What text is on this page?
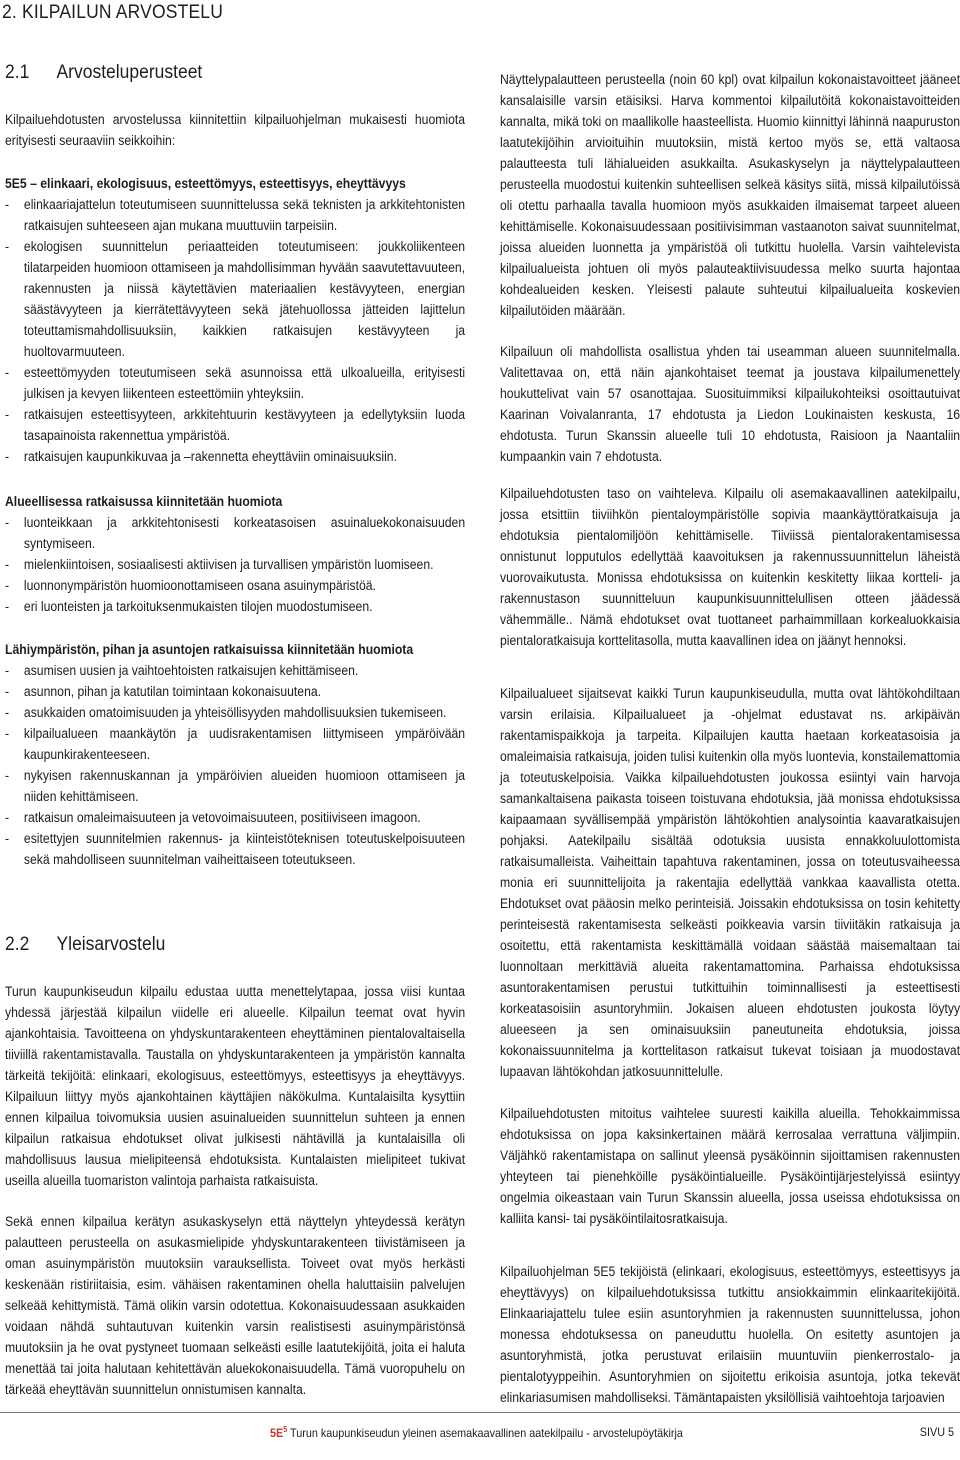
2. KILPAILUN ARVOSTELU
2.1 Arvosteluperusteet

Kilpailuehdotusten arvostelussa kiinnitettiin kilpailuohjelman mukaisesti huomiota erityisesti seuraaviin seikkoihin:

5E5 – elinkaari, ekologisuus, esteettömyys, esteettisyys, eheyttävyys

- elinkaariajattelun toteutumiseen suunnittelussa sekä teknisten ja arkkitehtonisten ratkaisujen suhteeseen ajan mukana muuttuviin tarpeisiin.
- ekologisen suunnittelun periaatteiden toteutumiseen: joukkoliikenteen tilatarpeiden huomioon ottamiseen ja mahdollisimman hyvään saavutettavuuteen, rakennusten ja niissä käytettävien materiaalien kestävyyteen, energian säästävyyteen ja kierrätettävyyteen sekä jätehuollossa jätteiden lajittelun toteuttamismahdollisuuksiin, kaikkien ratkaisujen kestävyyteen ja huoltovarmuuteen.
- esteettömyyden toteutumiseen sekä asunnoissa että ulkoalueilla, erityisesti julkisen ja kevyen liikenteen esteettömiin yhteyksiin.
- ratkaisujen esteettisyyteen, arkkitehtuurin kestävyyteen ja edellytyksiin luoda tasapainoista rakennettua ympäristöä.
- ratkaisujen kaupunkikuvaa ja –rakennetta eheyttäviin ominaisuuksiin.

Alueellisessa ratkaisussa kiinnitetään huomiota

- luonteikkaan ja arkkitehtonisesti korkeatasoisen asuinaluekokonaisuuden syntymiseen.
- mielenkiintoisen, sosiaalisesti aktiivisen ja turvallisen ympäristön luomiseen.
- luonnonympäristön huomioonottamiseen osana asuinympäristöä.
- eri luonteisten ja tarkoituksenmukaisten tilojen muodostumiseen.

Lähiympäristön, pihan ja asuntojen ratkaisuissa kiinnitetään huomiota

- asumisen uusien ja vaihtoehtoisten ratkaisujen kehittämiseen.
- asunnon, pihan ja katutilan toimintaan kokonaisuutena.
- asukkaiden omatoimisuuden ja yhteisöllisyyden mahdollisuuksien tukemiseen.
- kilpailualueen maankäytön ja uudisrakentamisen liittymiseen ympäröivään kaupunkirakenteeseen.
- nykyisen rakennuskannan ja ympäröivien alueiden huomioon ottamiseen ja niiden kehittämiseen.
- ratkaisun omaleimaisuuteen ja vetovoimaisuuteen, positiiviseen imagoon.
- esitettyjen suunnitelmien rakennus- ja kiinteistöteknisen toteutuskelpoisuuteen sekä mahdolliseen suunnitelman vaiheittaiseen toteutukseen.
2.2 Yleisarvostelu

Turun kaupunkiseudun kilpailu edustaa uutta menettelytapaa, jossa viisi kuntaa yhdessä järjestää kilpailun viidelle eri alueelle. Kilpailun teemat ovat hyvin ajankohtaisia. Tavoitteena on yhdyskuntarakenteen eheyttäminen pientalovaltaisella tiiviillä rakentamistavalla. Taustalla on yhdyskuntarakenteen ja ympäristön kannalta tärkeitä tekijöitä: elinkaari, ekologisuus, esteettömyys, esteettisyys ja eheyttävyys. Kilpailuun liittyy myös ajankohtainen käyttäjien näkökulma. Kuntalaisilta kysyttiin ennen kilpailua toivomuksia uusien asuinalueiden suunnittelun suhteen ja ennen kilpailun ratkaisua ehdotukset olivat julkisesti nähtävillä ja kuntalaisilla oli mahdollisuus lausua mielipiteensä ehdotuksista. Kuntalaisten mielipiteet tukivat useilla alueilla tuomariston valintoja parhaista ratkaisuista.

Sekä ennen kilpailua kerätyn asukaskyselyn että näyttelyn yhteydessä kerätyn palautteen perusteella on asukasmielipide yhdyskuntarakenteen tiivistämiseen ja oman asuinympäristön muutoksiin varauksellista. Toiveet ovat myös herkästi keskenään ristiriitaisia, esim. vähäisen rakentaminen ohella haluttaisiin palvelujen selkeää kehittymistä. Tämä olikin varsin odotettua. Kokonaisuudessaan asukkaiden voidaan nähdä suhtautuvan kuitenkin varsin realistisesti asuinympäristönsä muutoksiin ja he ovat pystyneet tuomaan selkeästi esille laatutekijöitä, joita ei haluta menettää tai joita halutaan kehitettävän aluekokonaisuudella. Tämä vuoropuhelu on tärkeää eheyttävän suunnittelun onnistumisen kannalta.

Näyttelypalautteen perusteella (noin 60 kpl) ovat kilpailun kokonaistavoitteet jääneet kansalaisille varsin etäisiksi. Harva kommentoi kilpailutöitä kokonaistavoitteiden kannalta, mikä toki on maallikolle haasteellista. Huomio kiinnittyi lähinnä naapuruston laatutekijöihin arvioituihin muutoksiin, mistä kertoo myös se, että valtaosa palautteesta tuli lähialueiden asukkailta. Asukaskyselyn ja näyttelypalautteen perusteella muodostui kuitenkin suhteellisen selkeä käsitys siitä, missä kilpailutöissä oli otettu parhaalla tavalla huomioon myös asukkaiden ilmaisemat tarpeet alueen kehittämiselle. Kokonaisuudessaan positiivisimman vastaanoton saivat suunnitelmat, joissa alueiden luonnetta ja ympäristöä oli tutkittu huolella. Varsin vaihtelevista kilpailualueista johtuen oli myös palauteaktiivisuudessa melko suurta hajontaa kohdealueiden kesken. Yleisesti palaute suhteutui kilpailualueita koskevien kilpailutöiden määrään.

Kilpailuun oli mahdollista osallistua yhden tai useamman alueen suunnitelmalla. Valitettavaa on, että näin ajankohtaiset teemat ja joustava kilpailumenettely houkuttelivat vain 57 osanottajaa. Suosituimmiksi kilpailukohteiksi osoittautuivat Kaarinan Voivalanranta, 17 ehdotusta ja Liedon Loukinaisten keskusta, 16 ehdotusta. Turun Skanssin alueelle tuli 10 ehdotusta, Raisioon ja Naantaliin kumpaankin vain 7 ehdotusta.

Kilpailuehdotusten taso on vaihteleva. Kilpailu oli asemakaavallinen aatekilpailu, jossa etsittiin tiiviihkön pientaloympäristölle sopivia maankäyttöratkaisuja ja ehdotuksia pientalomiljöön kehittämiselle. Tiiviissä pientalorakentamisessa onnistunut lopputulos edellyttää kaavoituksen ja rakennussuunnittelun läheistä vuorovaikutusta. Monissa ehdotuksissa on kuitenkin keskitetty liikaa kortteli- ja rakennustason suunnitteluun kaupunkisuunnittelullisen otteen jäädessä vähemmälle.. Nämä ehdotukset ovat tuottaneet parhaimmillaan korkealuokkaisia pientaloratkaisuja korttelitasolla, mutta kaavallinen idea on jäänyt hennoksi.

Kilpailualueet sijaitsevat kaikki Turun kaupunkiseudulla, mutta ovat lähtökohdiltaan varsin erilaisia. Kilpailualueet ja -ohjelmat edustavat ns. arkipäivän rakentamispaikkoja ja tarpeita. Kilpailujen kautta haetaan korkeatasoisia ja omaleimaisia ratkaisuja, joiden tulisi kuitenkin olla myös luontevia, konstailemattomia ja toteutuskelpoisia. Vaikka kilpailuehdotusten joukossa esiintyi vain harvoja samankaltaisena paikasta toiseen toistuvana ehdotuksia, jää monissa ehdotuksissa kaipaamaan syvällisempää ympäristön lähtökohtien analysointia kaavaratkaisujen pohjaksi. Aatekilpailu sisältää odotuksia uusista ennakkoluulottomista ratkaisumalleista. Vaiheittain tapahtuva rakentaminen, jossa on toteutusvaiheessa monia eri suunnittelijoita ja rakentajia edellyttää vankkaa kaavallista otetta. Ehdotukset ovat pääosin melko perinteisiä. Joissakin ehdotuksissa on tosin kehitetty perinteisestä rakentamisesta selkeästi poikkeavia varsin tiiviitäkin ratkaisuja ja osoitettu, että rakentamista keskittämällä voidaan säästää maisemaltaan tai luonnoltaan merkittäviä alueita rakentamattomina. Parhaissa ehdotuksissa asuntorakentamisen perustui tutkittuihin toiminnallisesti ja esteettisesti korkeatasoisiin asuntoryhmiin. Jokaisen alueen ehdotusten joukosta löytyy alueeseen ja sen ominaisuuksiin paneutuneita ehdotuksia, joissa kokonaissuunnitelma ja korttelitason ratkaisut tukevat toisiaan ja muodostavat lupaavan lähtökohdan jatkosuunnittelulle.

Kilpailuehdotusten mitoitus vaihtelee suuresti kaikilla alueilla. Tehokkaimmissa ehdotuksissa on jopa kaksinkertainen määrä kerrosalaa verrattuna väljimpiin. Väljähkö rakentamistapa on sallinut yleensä pysäköinnin sijoittamisen rakennusten yhteyteen tai pienehköille pysäköintialueille. Pysäköintijärjestelyissä esiintyy ongelmia oikeastaan vain Turun Skanssin alueella, jossa useissa ehdotuksissa on kalliita kansi- tai pysäköintilaitosratkaisuja.

Kilpailuohjelman 5E5 tekijöistä (elinkaari, ekologisuus, esteettömyys, esteettisyys ja eheyttävyys) on kilpailuehdotuksissa tutkittu ansiokkaimmin elinkaaritekijöitä. Elinkaariajattelu tulee esiin asuntoryhmien ja rakennusten suunnittelussa, johon monessa ehdotuksessa on paneuduttu huolella. On esitetty asuntojen ja asuntoryhmistä, jotka perustuvat erilaisiin muuntuviin pienkerrostalo- ja pientalotyyppeihin. Asuntoryhmien on sijoitettu erikoisia asuntoja, jotka tekevät elinkariasumisen mahdolliseksi. Tämäntapaisten yksilöllisiä vaihtoehtoja tarjoavien

$5E^5$ Turun kaupunkiseudun yleinen asemakaavallinen aatekilpailu - arvostelupöytäkirja	SIVU 5
